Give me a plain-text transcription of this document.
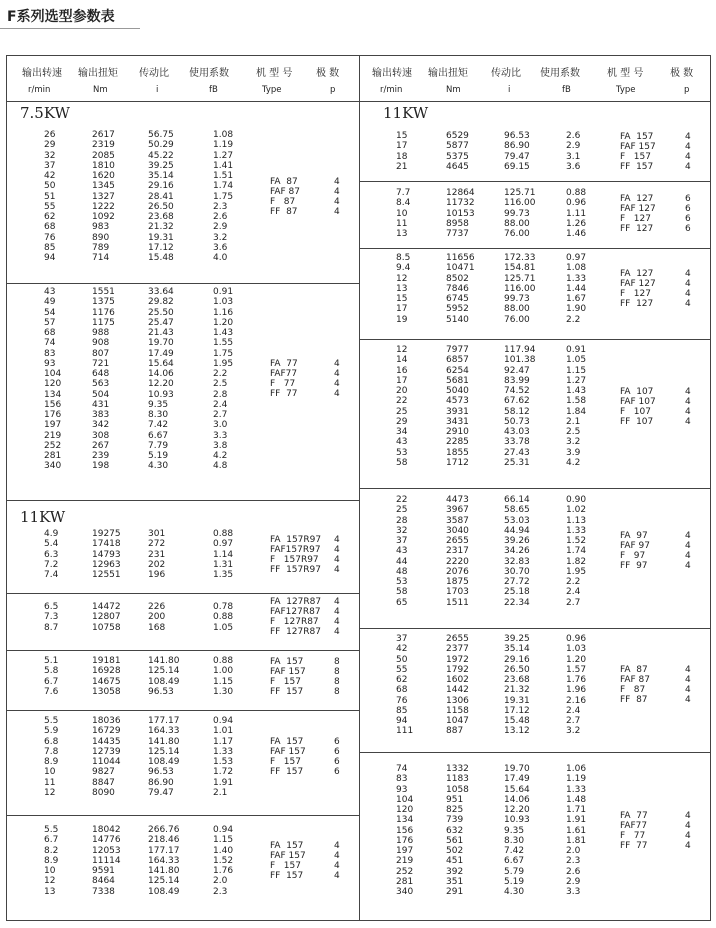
F系列选型参数表
输出转速 输出扭矩 传动比 使用系数	机 型 号 极 数
r/min	Nm	i	fB	Type	p
输出转速 输出扭矩 传动比 使用系数	机 型 号	极 数
r/min	Nm	i	fB	Type	p
7.5KW
11KW
11KW
26	2617	56.75	1.08
29	2319	50.29	1.19
32	2085	45.22	1.27
37	1810	39.25	1.41
42	1620	35.14	1.51
50	1345	29.16	1.74
51	1327	28.41	1.75
55	1222	26.50	2.3
62	1092	23.68	2.6
68	983	21.32	2.9
76	890	19.31	3.2
85	789	17.12	3.6
94	714	15.48	4.0
FA  87	4
FAF 87	4
F   87	4
FF  87	4
43	1551	33.64	0.91
49	1375	29.82	1.03
54	1176	25.50	1.16
57	1175	25.47	1.20
68	988	21.43	1.43
74	908	19.70	1.55
83	807	17.49	1.75
93	721	15.64	1.95
104	648	14.06	2.2
120	563	12.20	2.5
134	504	10.93	2.8
156	431	9.35	2.4
176	383	8.30	2.7
197	342	7.42	3.0
219	308	6.67	3.3
252	267	7.79	3.8
281	239	5.19	4.2
340	198	4.30	4.8
FA  77	4
FAF77	4
F   77	4
FF  77	4
4.9	19275	301	0.88
5.4	17418	272	0.97
6.3	14793	231	1.14
7.2	12963	202	1.31
7.4	12551	196	1.35
FA  157R97 4
FAF157R97 4
F   157R97 4
FF  157R97 4
6.5	14472	226	0.78
7.3	12807	200	0.88
8.7	10758	168	1.05
FA  127R87 4
FAF127R87 4
F   127R87 4
FF  127R87 4
5.1	19181	141.80	0.88
5.8	16928	125.14	1.00
6.7	14675	108.49	1.15
7.6	13058	96.53	1.30
FA  157	8
FAF 157	8
F   157	8
FF  157	8
5.5	18036	177.17	0.94
5.9	16729	164.33	1.01
6.8	14435	141.80	1.17
7.8	12739	125.14	1.33
8.9	11044	108.49	1.53
10	9827	96.53	1.72
11	8847	86.90	1.91
12	8090	79.47	2.1
FA  157	6
FAF 157	6
F   157	6
FF  157	6
5.5	18042	266.76	0.94
6.7	14776	218.46	1.15
8.2	12053	177.17	1.40
8.9	11114	164.33	1.52
10	9591	141.80	1.76
12	8464	125.14	2.0
13	7338	108.49	2.3
FA  157	4
FAF 157	4
F   157	4
FF  157	4
15	6529	96.53	2.6
17	5877	86.90	2.9
18	5375	79.47	3.1
21	4645	69.15	3.6
FA  157	4
FAF 157	4
F   157	4
FF  157	4
7.7	12864	125.71	0.88
8.4	11732	116.00	0.96
10	10153	99.73	1.11
11	8958	88.00	1.26
13	7737	76.00	1.46
FA  127	6
FAF 127	6
F   127	6
FF  127	6
8.5	11656	172.33	0.97
9.4	10471	154.81	1.08
12	8502	125.71	1.33
13	7846	116.00	1.44
15	6745	99.73	1.67
17	5952	88.00	1.90
19	5140	76.00	2.2
FA  127	4
FAF 127	4
F   127	4
FF  127	4
12	7977	117.94	0.91
14	6857	101.38	1.05
16	6254	92.47	1.15
17	5681	83.99	1.27
20	5040	74.52	1.43
22	4573	67.62	1.58
25	3931	58.12	1.84
29	3431	50.73	2.1
34	2910	43.03	2.5
43	2285	33.78	3.2
53	1855	27.43	3.9
58	1712	25.31	4.2
FA  107	4
FAF 107	4
F   107	4
FF  107	4
22	4473	66.14	0.90
25	3967	58.65	1.02
28	3587	53.03	1.13
32	3040	44.94	1.33
37	2655	39.26	1.52
43	2317	34.26	1.74
44	2220	32.83	1.82
48	2076	30.70	1.95
53	1875	27.72	2.2
58	1703	25.18	2.4
65	1511	22.34	2.7
FA  97	4
FAF 97	4
F   97	4
FF  97	4
37	2655	39.25	0.96
42	2377	35.14	1.03
50	1972	29.16	1.20
55	1792	26.50	1.57
62	1602	23.68	1.76
68	1442	21.32	1.96
76	1306	19.31	2.16
85	1158	17.12	2.4
94	1047	15.48	2.7
111	887	13.12	3.2
FA  87	4
FAF 87	4
F   87	4
FF  87	4
74	1332	19.70	1.06
83	1183	17.49	1.19
93	1058	15.64	1.33
104	951	14.06	1.48
120	825	12.20	1.71
134	739	10.93	1.91
156	632	9.35	1.61
176	561	8.30	1.81
197	502	7.42	2.0
219	451	6.67	2.3
252	392	5.79	2.6
281	351	5.19	2.9
340	291	4.30	3.3
FA  77	4
FAF77	4
F   77	4
FF  77	4
